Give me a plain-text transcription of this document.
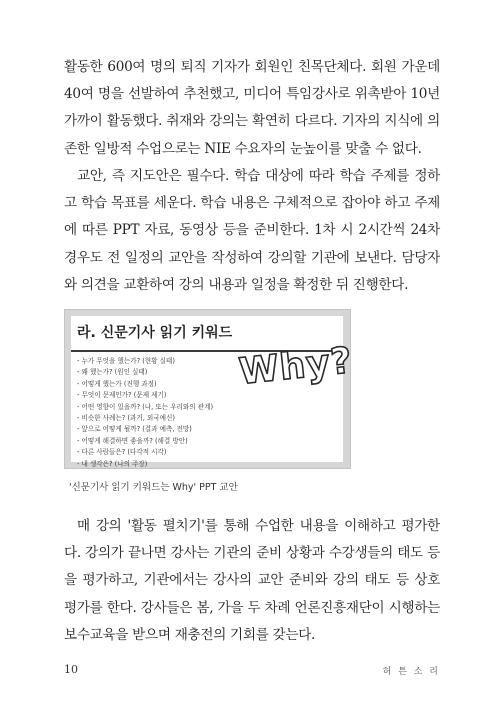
활동한 600여 명의 퇴직 기자가 회원인 친목단체다. 회원 가운데 40여 명을 선발하여 추천했고, 미디어 특임강사로 위촉받아 10년 가까이 활동했다. 취재와 강의는 확연히 다르다. 기자의 지식에 의존한 일방적 수업으로는 NIE 수요자의 눈높이를 맞출 수 없다.

교안, 즉 지도안은 필수다. 학습 대상에 따라 학습 주제를 정하고 학습 목표를 세운다. 학습 내용은 구체적으로 잡아야 하고 주제에 따른 PPT 자료, 동영상 등을 준비한다. 1차 시 2시간씩 24차 경우도 전 일정의 교안을 작성하여 강의할 기관에 보낸다. 담당자와 의견을 교환하여 강의 내용과 일정을 확정한 뒤 진행한다.

라. 신문기사 읽기 키워드
- 누가 무엇을 했는가? (현황 실태)
- 왜 했는가? (원인 실태)
- 어떻게 했는가 (진행 과정)
- 무엇이 문제인가? (문제 제기)
- 어떤 영향이 있을까? (나, 또는 우리와의 관계)
- 비슷한 사례는? (과거, 외국예신)
- 앞으로 어떻게 될까? (결과 예측, 전망)
- 어떻게 해결하면 좋을까? (해결 방안)
- 다른 사람들은? (다각적 시각)
- 내 생각은? (나의 주장)
Why?
'신문기사 읽기 키워드는 Why' PPT 교안

매 강의 '활동 펼치기'를 통해 수업한 내용을 이해하고 평가한다. 강의가 끝나면 강사는 기관의 준비 상황과 수강생들의 태도 등을 평가하고, 기관에서는 강사의 교안 준비와 강의 태도 등 상호 평가를 한다. 강사들은 봄, 가을 두 차례 언론진흥재단이 시행하는 보수교육을 받으며 재충전의 기회를 갖는다.

10	허 튼 소 리
